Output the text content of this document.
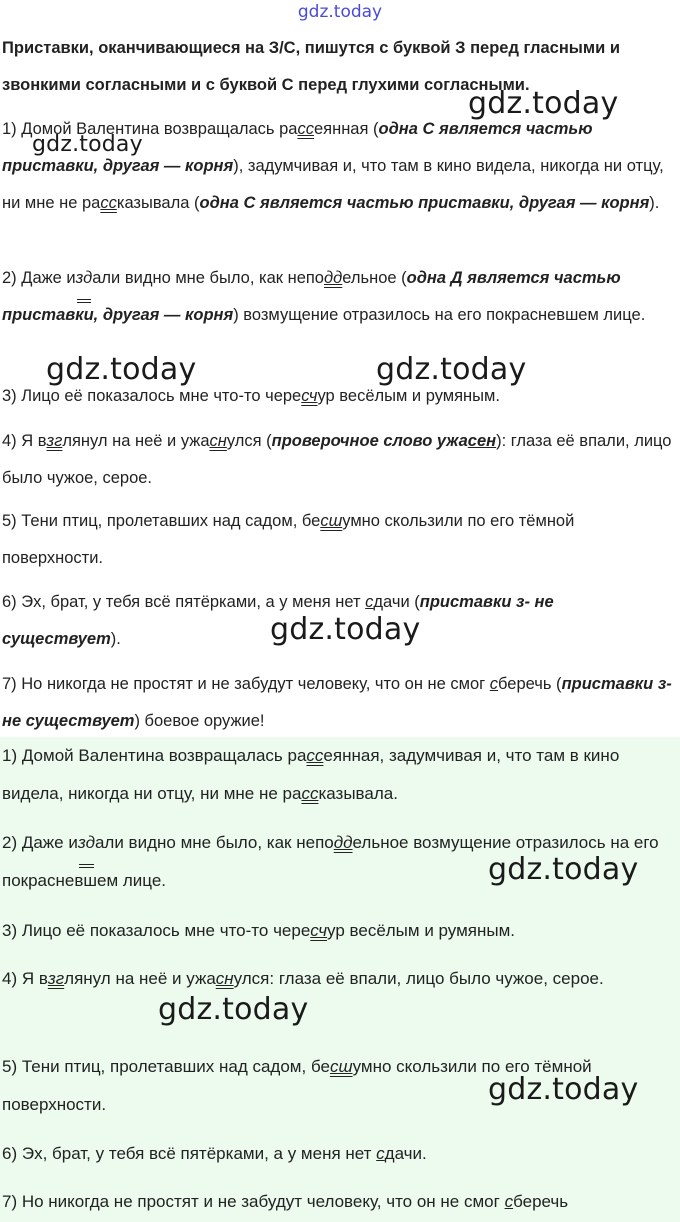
gdz.today
Приставки, оканчивающиеся на З/С, пишутся с буквой З перед гласными и звонкими согласными и с буквой С перед глухими согласными.
1) Домой Валентина возвращалась рассеянная (одна С является частью приставки, другая — корня), задумчивая и, что там в кино видела, никогда ни отцу, ни мне не рассказывала (одна С является частью приставки, другая — корня).
2) Даже издали видно мне было, как неподдельное (одна Д является частью приставки, другая — корня) возмущение отразилось на его покрасневшем лице.
3) Лицо её показалось мне что-то чересчур весёлым и румяным.
4) Я взглянул на неё и ужаснулся (проверочное слово ужасен): глаза её впали, лицо было чужое, серое.
5) Тени птиц, пролетавших над садом, бесшумно скользили по его тёмной поверхности.
6) Эх, брат, у тебя всё пятёрками, а у меня нет сдачи (приставки з- не существует).
7) Но никогда не простят и не забудут человеку, что он не смог сберечь (приставки з- не существует) боевое оружие!
1) Домой Валентина возвращалась рассеянная, задумчивая и, что там в кино видела, никогда ни отцу, ни мне не рассказывала.
2) Даже издали видно мне было, как неподдельное возмущение отразилось на его покрасневшем лице.
3) Лицо её показалось мне что-то чересчур весёлым и румяным.
4) Я взглянул на неё и ужаснулся: глаза её впали, лицо было чужое, серое.
5) Тени птиц, пролетавших над садом, бесшумно скользили по его тёмной поверхности.
6) Эх, брат, у тебя всё пятёрками, а у меня нет сдачи.
7) Но никогда не простят и не забудут человеку, что он не смог сберечь
gdz.today
gdz.today
gdz.today	gdz.today
gdz.today
gdz.today
gdz.today
gdz.today
